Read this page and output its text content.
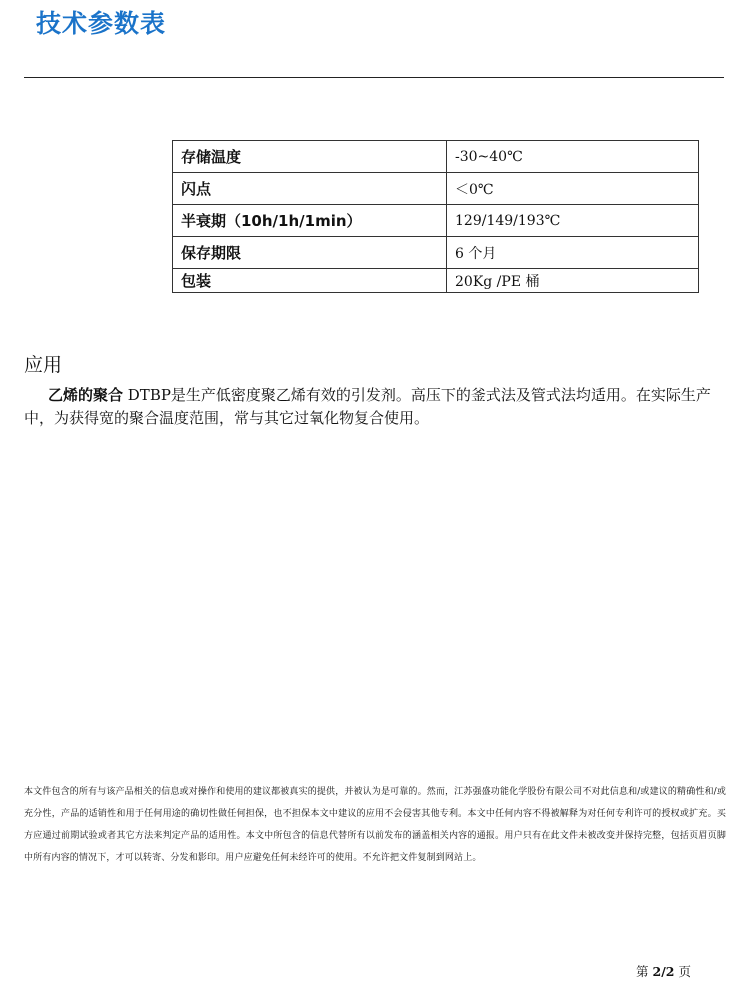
技术参数表
存储温度	-30~40℃
闪点	＜0℃
半衰期（10h/1h/1min）	129/149/193℃
保存期限	6 个月
包装	20Kg /PE 桶
应用
乙烯的聚合 DTBP是生产低密度聚乙烯有效的引发剂。高压下的釜式法及管式法均适用。在实际生产中，为获得宽的聚合温度范围，常与其它过氧化物复合使用。
本文件包含的所有与该产品相关的信息或对操作和使用的建议都被真实的提供，并被认为是可靠的。然而，江苏强盛功能化学股份有限公司不对此信息和/或建议的精确性和/或充分性，产品的适销性和用于任何用途的确切性做任何担保，也不担保本文中建议的应用不会侵害其他专利。本文中任何内容不得被解释为对任何专利许可的授权或扩充。买方应通过前期试验或者其它方法来判定产品的适用性。本文中所包含的信息代替所有以前发布的涵盖相关内容的通报。用户只有在此文件未被改变并保持完整，包括页眉页脚中所有内容的情况下，才可以转寄、分发和影印。用户应避免任何未经许可的使用。不允许把文件复制到网站上。
第 2/2 页
